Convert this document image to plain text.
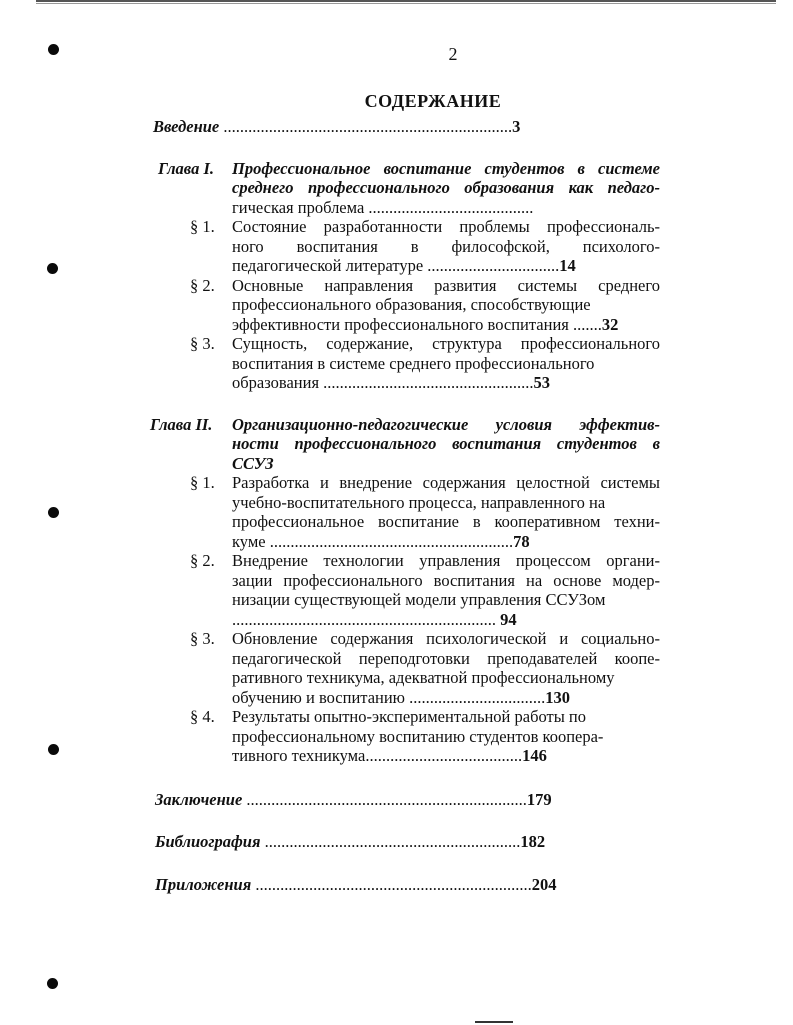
2
СОДЕРЖАНИЕ
Введение ......................................................................3
Глава I. Профессиональное воспитание студентов в системе
среднего профессионального образования как педаго-
гическая проблема ........................................
§ 1. Состояние разработанности проблемы профессиональ-
ного воспитания в философской, психолого-
педагогической литературе ................................14
§ 2. Основные направления развития системы среднего
профессионального образования, способствующие
эффективности профессионального воспитания .......32
§ 3. Сущность, содержание, структура профессионального
воспитания в системе среднего профессионального
образования ...................................................53
Глава II. Организационно-педагогические условия эффектив-
ности профессионального воспитания студентов в
ССУЗ
§ 1. Разработка и внедрение содержания целостной системы
учебно-воспитательного процесса, направленного на
профессиональное воспитание в кооперативном техни-
куме ...........................................................78
§ 2. Внедрение технологии управления процессом органи-
зации профессионального воспитания на основе модер-
низации существующей модели управления ССУЗом
................................................................ 94
§ 3. Обновление содержания психологической и социально-
педагогической переподготовки преподавателей коопе-
ративного техникума, адекватной профессиональному
обучению и воспитанию .................................130
§ 4. Результаты опытно-экспериментальной работы по
профессиональному воспитанию студентов коопера-
тивного техникума......................................146
Заключение ....................................................................179
Библиография ..............................................................182
Приложения ...................................................................204
